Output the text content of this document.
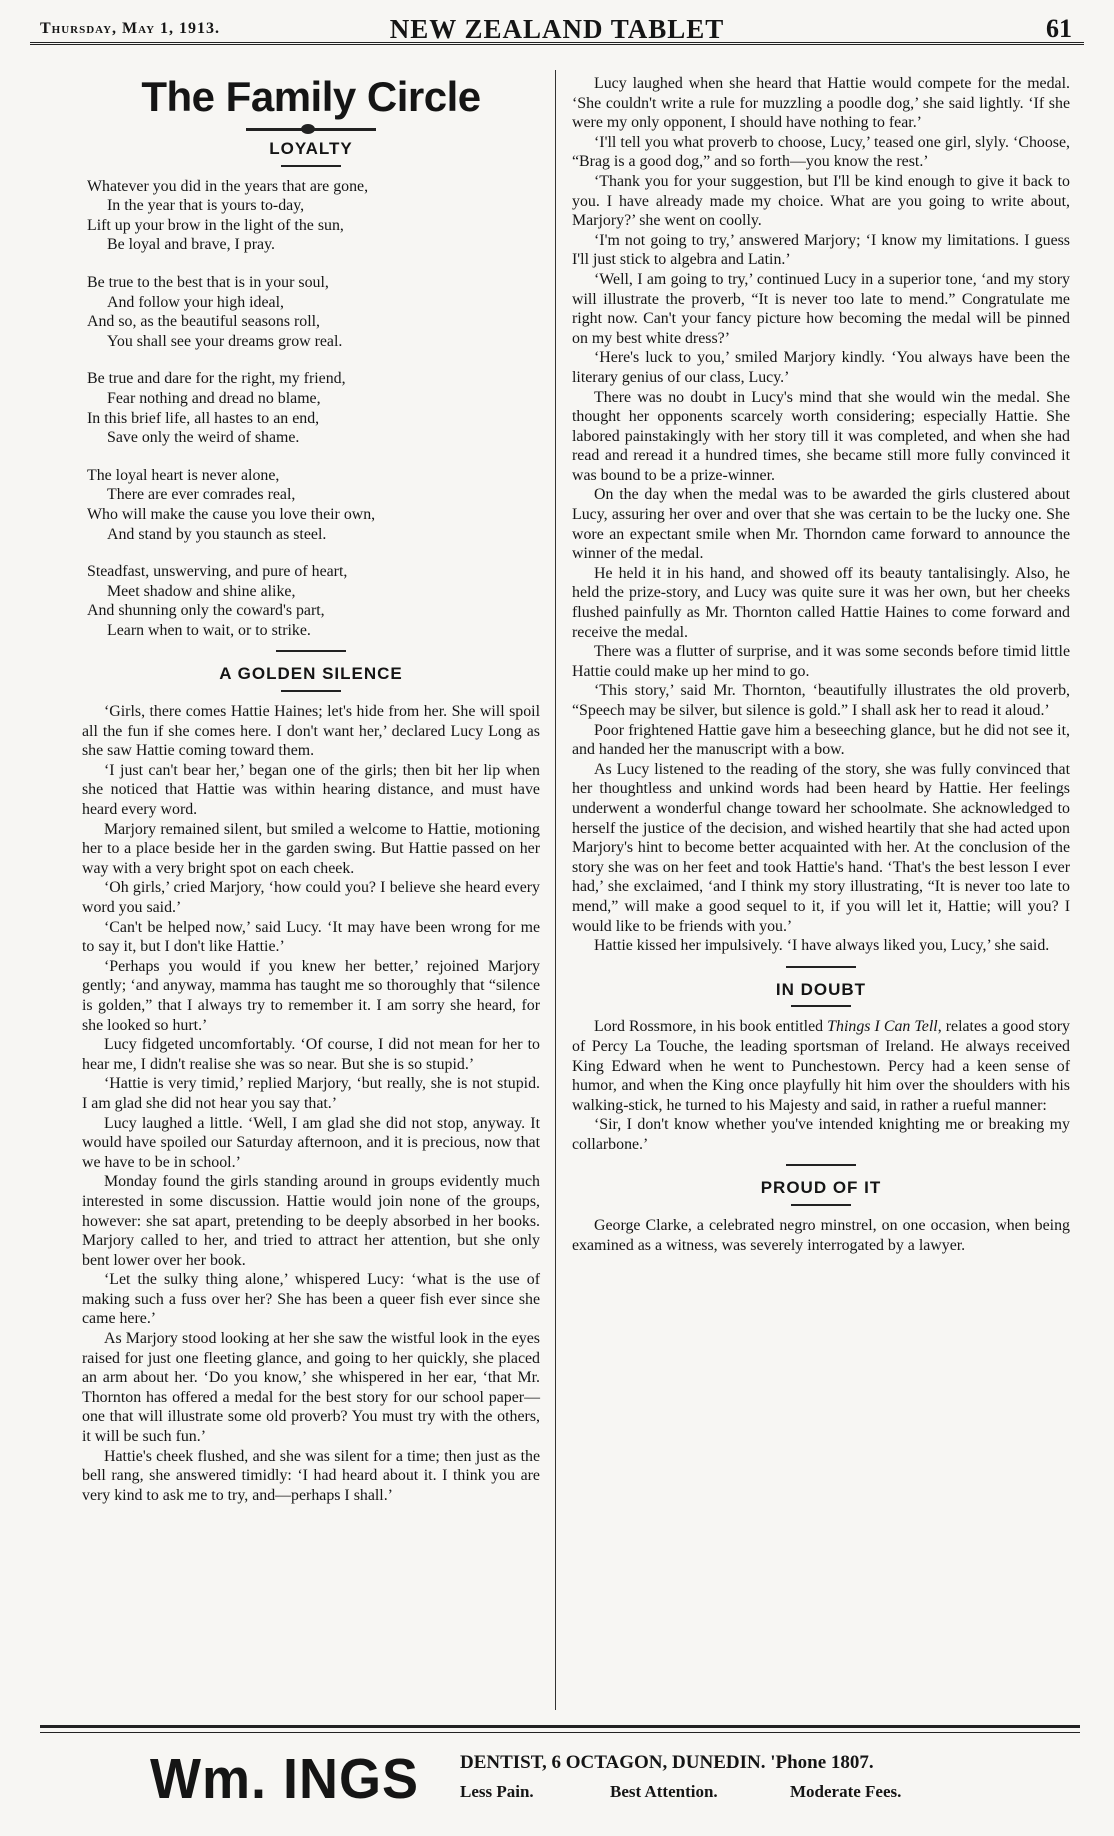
Thursday, May 1, 1913.	NEW ZEALAND TABLET	61
The Family Circle
LOYALTY

Whatever you did in the years that are gone,

In the year that is yours to-day,

Lift up your brow in the light of the sun,

Be loyal and brave, I pray.

Be true to the best that is in your soul,

And follow your high ideal,

And so, as the beautiful seasons roll,

You shall see your dreams grow real.

Be true and dare for the right, my friend,

Fear nothing and dread no blame,

In this brief life, all hastes to an end,

Save only the weird of shame.

The loyal heart is never alone,

There are ever comrades real,

Who will make the cause you love their own,

And stand by you staunch as steel.

Steadfast, unswerving, and pure of heart,

Meet shadow and shine alike,

And shunning only the coward's part,

Learn when to wait, or to strike.

A GOLDEN SILENCE

‘Girls, there comes Hattie Haines; let's hide from her. She will spoil all the fun if she comes here. I don't want her,’ declared Lucy Long as she saw Hattie coming toward them.

‘I just can't bear her,’ began one of the girls; then bit her lip when she noticed that Hattie was within hearing distance, and must have heard every word.

Marjory remained silent, but smiled a welcome to Hattie, motioning her to a place beside her in the garden swing. But Hattie passed on her way with a very bright spot on each cheek.

‘Oh girls,’ cried Marjory, ‘how could you? I believe she heard every word you said.’

‘Can't be helped now,’ said Lucy. ‘It may have been wrong for me to say it, but I don't like Hattie.’

‘Perhaps you would if you knew her better,’ rejoined Marjory gently; ‘and anyway, mamma has taught me so thoroughly that “silence is golden,” that I always try to remember it. I am sorry she heard, for she looked so hurt.’

Lucy fidgeted uncomfortably. ‘Of course, I did not mean for her to hear me, I didn't realise she was so near. But she is so stupid.’

‘Hattie is very timid,’ replied Marjory, ‘but really, she is not stupid. I am glad she did not hear you say that.’

Lucy laughed a little. ‘Well, I am glad she did not stop, anyway. It would have spoiled our Saturday afternoon, and it is precious, now that we have to be in school.’

Monday found the girls standing around in groups evidently much interested in some discussion. Hattie would join none of the groups, however: she sat apart, pretending to be deeply absorbed in her books. Marjory called to her, and tried to attract her attention, but she only bent lower over her book.

‘Let the sulky thing alone,’ whispered Lucy: ‘what is the use of making such a fuss over her? She has been a queer fish ever since she came here.’

As Marjory stood looking at her she saw the wistful look in the eyes raised for just one fleeting glance, and going to her quickly, she placed an arm about her. ‘Do you know,’ she whispered in her ear, ‘that Mr. Thornton has offered a medal for the best story for our school paper—one that will illustrate some old proverb? You must try with the others, it will be such fun.’

Hattie's cheek flushed, and she was silent for a time; then just as the bell rang, she answered timidly: ‘I had heard about it. I think you are very kind to ask me to try, and—perhaps I shall.’

Lucy laughed when she heard that Hattie would compete for the medal. ‘She couldn't write a rule for muzzling a poodle dog,’ she said lightly. ‘If she were my only opponent, I should have nothing to fear.’

‘I'll tell you what proverb to choose, Lucy,’ teased one girl, slyly. ‘Choose, “Brag is a good dog,” and so forth—you know the rest.’

‘Thank you for your suggestion, but I'll be kind enough to give it back to you. I have already made my choice. What are you going to write about, Marjory?’ she went on coolly.

‘I'm not going to try,’ answered Marjory; ‘I know my limitations. I guess I'll just stick to algebra and Latin.’

‘Well, I am going to try,’ continued Lucy in a superior tone, ‘and my story will illustrate the proverb, “It is never too late to mend.” Congratulate me right now. Can't your fancy picture how becoming the medal will be pinned on my best white dress?’

‘Here's luck to you,’ smiled Marjory kindly. ‘You always have been the literary genius of our class, Lucy.’

There was no doubt in Lucy's mind that she would win the medal. She thought her opponents scarcely worth considering; especially Hattie. She labored painstakingly with her story till it was completed, and when she had read and reread it a hundred times, she became still more fully convinced it was bound to be a prize-winner.

On the day when the medal was to be awarded the girls clustered about Lucy, assuring her over and over that she was certain to be the lucky one. She wore an expectant smile when Mr. Thorndon came forward to announce the winner of the medal.

He held it in his hand, and showed off its beauty tantalisingly. Also, he held the prize-story, and Lucy was quite sure it was her own, but her cheeks flushed painfully as Mr. Thornton called Hattie Haines to come forward and receive the medal.

There was a flutter of surprise, and it was some seconds before timid little Hattie could make up her mind to go.

‘This story,’ said Mr. Thornton, ‘beautifully illustrates the old proverb, “Speech may be silver, but silence is gold.” I shall ask her to read it aloud.’

Poor frightened Hattie gave him a beseeching glance, but he did not see it, and handed her the manuscript with a bow.

As Lucy listened to the reading of the story, she was fully convinced that her thoughtless and unkind words had been heard by Hattie. Her feelings underwent a wonderful change toward her schoolmate. She acknowledged to herself the justice of the decision, and wished heartily that she had acted upon Marjory's hint to become better acquainted with her. At the conclusion of the story she was on her feet and took Hattie's hand. ‘That's the best lesson I ever had,’ she exclaimed, ‘and I think my story illustrating, “It is never too late to mend,” will make a good sequel to it, if you will let it, Hattie; will you? I would like to be friends with you.’

Hattie kissed her impulsively. ‘I have always liked you, Lucy,’ she said.

IN DOUBT

Lord Rossmore, in his book entitled Things I Can Tell, relates a good story of Percy La Touche, the leading sportsman of Ireland. He always received King Edward when he went to Punchestown. Percy had a keen sense of humor, and when the King once playfully hit him over the shoulders with his walking-stick, he turned to his Majesty and said, in rather a rueful manner:

‘Sir, I don't know whether you've intended knighting me or breaking my collarbone.’

PROUD OF IT

George Clarke, a celebrated negro minstrel, on one occasion, when being examined as a witness, was severely interrogated by a lawyer.

Wm. INGS DENTIST, 6 OCTAGON, DUNEDIN. 'Phone 1807.
Less Pain.	Best Attention.	Moderate Fees.
